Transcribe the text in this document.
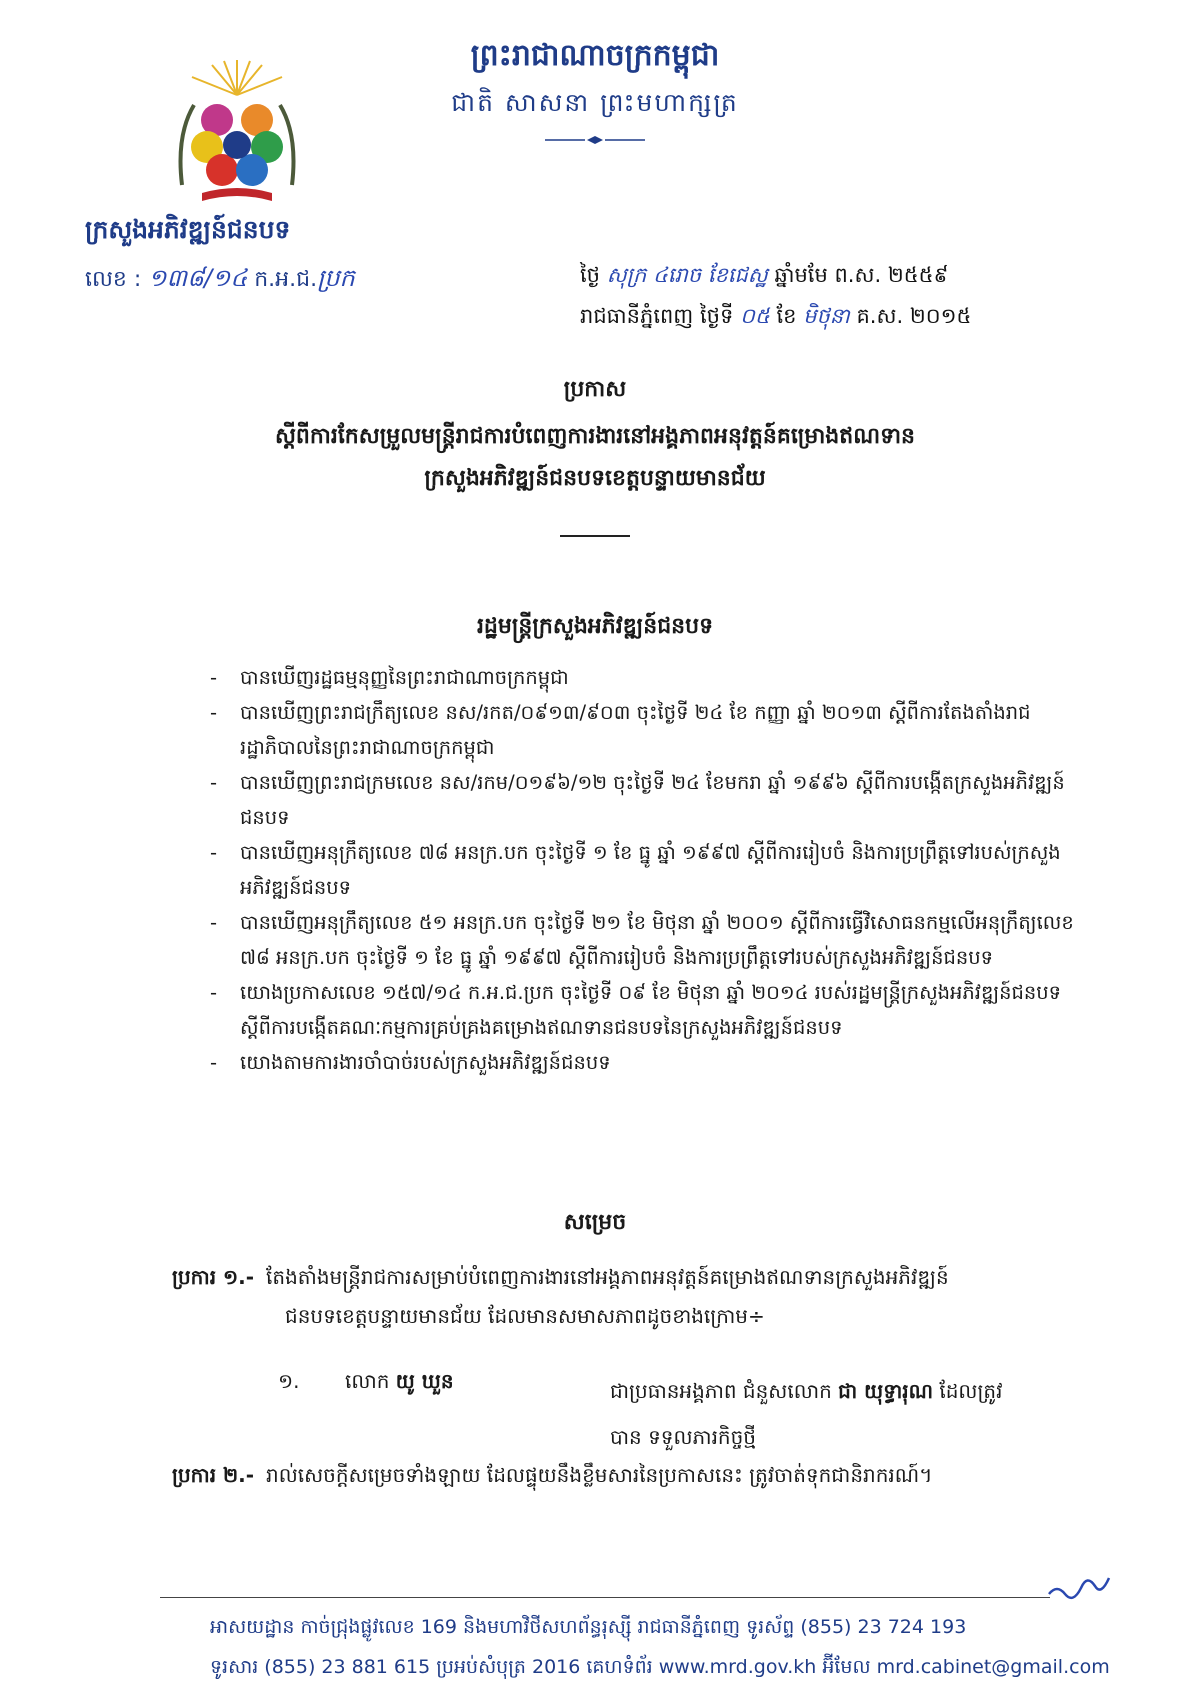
ព្រះរាជាណាចក្រកម្ពុជា
ជាតិ សាសនា ព្រះមហាក្សត្រ
ក្រសួងអភិវឌ្ឍន៍ជនបទ
លេខ : ១៣៨/១៤ ក.អ.ជ.ប្រក	ថ្ងៃ សុក្រ ៤រោច ខែជេស្ឋ ឆ្នាំមមែ ព.ស. ២៥៥៩
រាជធានីភ្នំពេញ ថ្ងៃទី ០៥ ខែ មិថុនា គ.ស. ២០១៥
ប្រកាស
ស្តីពីការកែសម្រួលមន្ត្រីរាជការបំពេញការងារនៅអង្គភាពអនុវត្តន៍គម្រោងឥណទាន
ក្រសួងអភិវឌ្ឍន៍ជនបទខេត្តបន្ទាយមានជ័យ
រដ្ឋមន្ត្រីក្រសួងអភិវឌ្ឍន៍ជនបទ
- បានឃើញរដ្ឋធម្មនុញ្ញនៃព្រះរាជាណាចក្រកម្ពុជា
- បានឃើញព្រះរាជក្រឹត្យលេខ នស/រកត/០៩១៣/៩០៣ ចុះថ្ងៃទី ២៤ ខែ កញ្ញា ឆ្នាំ ២០១៣ ស្តីពីការតែងតាំងរាជរដ្ឋាភិបាលនៃព្រះរាជាណាចក្រកម្ពុជា
- បានឃើញព្រះរាជក្រមលេខ នស/រកម/០១៩៦/១២ ចុះថ្ងៃទី ២៤ ខែមករា ឆ្នាំ ១៩៩៦ ស្តីពីការបង្កើតក្រសួងអភិវឌ្ឍន៍ជនបទ
- បានឃើញអនុក្រឹត្យលេខ ៧៨ អនក្រ.បក ចុះថ្ងៃទី ១ ខែ ធ្នូ ឆ្នាំ ១៩៩៧ ស្តីពីការរៀបចំ និងការប្រព្រឹត្តទៅរបស់ក្រសួងអភិវឌ្ឍន៍ជនបទ
- បានឃើញអនុក្រឹត្យលេខ ៥១ អនក្រ.បក ចុះថ្ងៃទី ២១ ខែ មិថុនា ឆ្នាំ ២០០១ ស្តីពីការធ្វើវិសោធនកម្មលើអនុក្រឹត្យលេខ ៧៨ អនក្រ.បក ចុះថ្ងៃទី ១ ខែ ធ្នូ ឆ្នាំ ១៩៩៧ ស្តីពីការរៀបចំ និងការប្រព្រឹត្តទៅរបស់ក្រសួងអភិវឌ្ឍន៍ជនបទ
- យោងប្រកាសលេខ ១៥៧/១៤ ក.អ.ជ.ប្រក ចុះថ្ងៃទី ០៩ ខែ មិថុនា ឆ្នាំ ២០១៤ របស់រដ្ឋមន្ត្រីក្រសួងអភិវឌ្ឍន៍ជនបទ ស្តីពីការបង្កើតគណៈកម្មការគ្រប់គ្រងគម្រោងឥណទានជនបទនៃក្រសួងអភិវឌ្ឍន៍ជនបទ
- យោងតាមការងារចាំបាច់របស់ក្រសួងអភិវឌ្ឍន៍ជនបទ
សម្រេច
ប្រការ ១.- តែងតាំងមន្ត្រីរាជការសម្រាប់បំពេញការងារនៅអង្គភាពអនុវត្តន៍គម្រោងឥណទានក្រសួងអភិវឌ្ឍន៍
ជនបទខេត្តបន្ទាយមានជ័យ ដែលមានសមាសភាពដូចខាងក្រោម÷
១. លោក យូ ឃួន	ជាប្រធានអង្គភាព ជំនួសលោក ជា យុទ្ធារុណ ដែលត្រូវ
បាន ទទួលភារកិច្ចថ្មី
ប្រការ ២.- រាល់សេចក្តីសម្រេចទាំងឡាយ ដែលផ្ទុយនឹងខ្លឹមសារនៃប្រកាសនេះ ត្រូវចាត់ទុកជានិរាករណ៍។
អាសយដ្ឋាន កាច់ជ្រុងផ្លូវលេខ 169 និងមហាវិថីសហព័ន្ធរុស្ស៊ី រាជធានីភ្នំពេញ ទូរស័ព្ទ (855) 23 724 193
ទូរសារ (855) 23 881 615 ប្រអប់សំបុត្រ 2016 គេហទំព័រ www.mrd.gov.kh អ៊ីមែល mrd.cabinet@gmail.com
